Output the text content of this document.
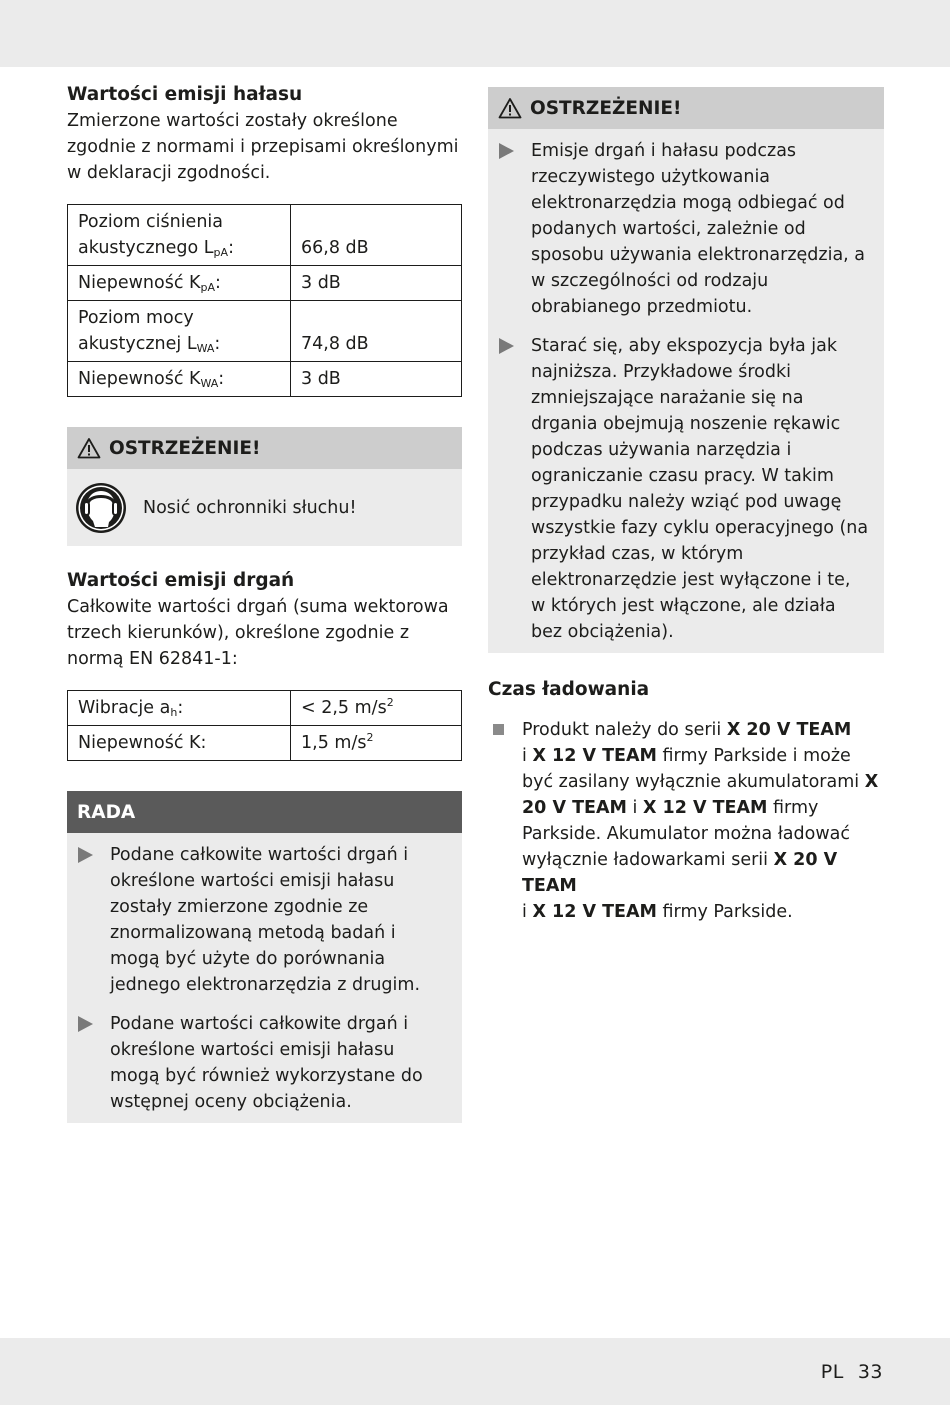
Wartości emisji hałasu
Zmierzone wartości zostały określone zgodnie z normami i przepisami określonymi w deklaracji zgodności.
Poziom ciśnienia
akustycznego $L_{pA}$:	66,8 dB
Niepewność $K_{pA}$:	3 dB
Poziom mocy
akustycznej $L_{WA}$:	74,8 dB
Niepewność $K_{WA}$:	3 dB
OSTRZEŻENIE!
Nosić ochronniki słuchu!
Wartości emisji drgań
Całkowite wartości drgań (suma wektorowa trzech kierunków), określone zgodnie z normą EN 62841-1:
Wibracje $a_h$:	< 2,5 $m/s^2$
Niepewność K:	1,5 $m/s^2$
RADA
Podane całkowite wartości drgań i określone wartości emisji hałasu zostały zmierzone zgodnie ze znormalizowaną metodą badań i mogą być użyte do porównania jednego elektronarzędzia z drugim.
Podane wartości całkowite drgań i określone wartości emisji hałasu mogą być również wykorzystane do wstępnej oceny obciążenia.
OSTRZEŻENIE!
Emisje drgań i hałasu podczas rzeczywistego użytkowania elektronarzędzia mogą odbiegać od podanych wartości, zależnie od sposobu używania elektronarzędzia, a w szczególności od rodzaju obrabianego przedmiotu.
Starać się, aby ekspozycja była jak najniższa. Przykładowe środki zmniejszające narażanie się na drgania obejmują noszenie rękawic podczas używania narzędzia i ograniczanie czasu pracy. W takim przypadku należy wziąć pod uwagę wszystkie fazy cyklu operacyjnego (na przykład czas, w którym elektronarzędzie jest wyłączone i te, w których jest włączone, ale działa bez obciążenia).
Czas ładowania
Produkt należy do serii X 20 V TEAM
i X 12 V TEAM firmy Parkside i może być zasilany wyłącznie akumulatorami X 20 V TEAM i X 12 V TEAM firmy Parkside. Akumulator można ładować wyłącznie ładowarkami serii X 20 V TEAM
i X 12 V TEAM firmy Parkside.
PL 33
